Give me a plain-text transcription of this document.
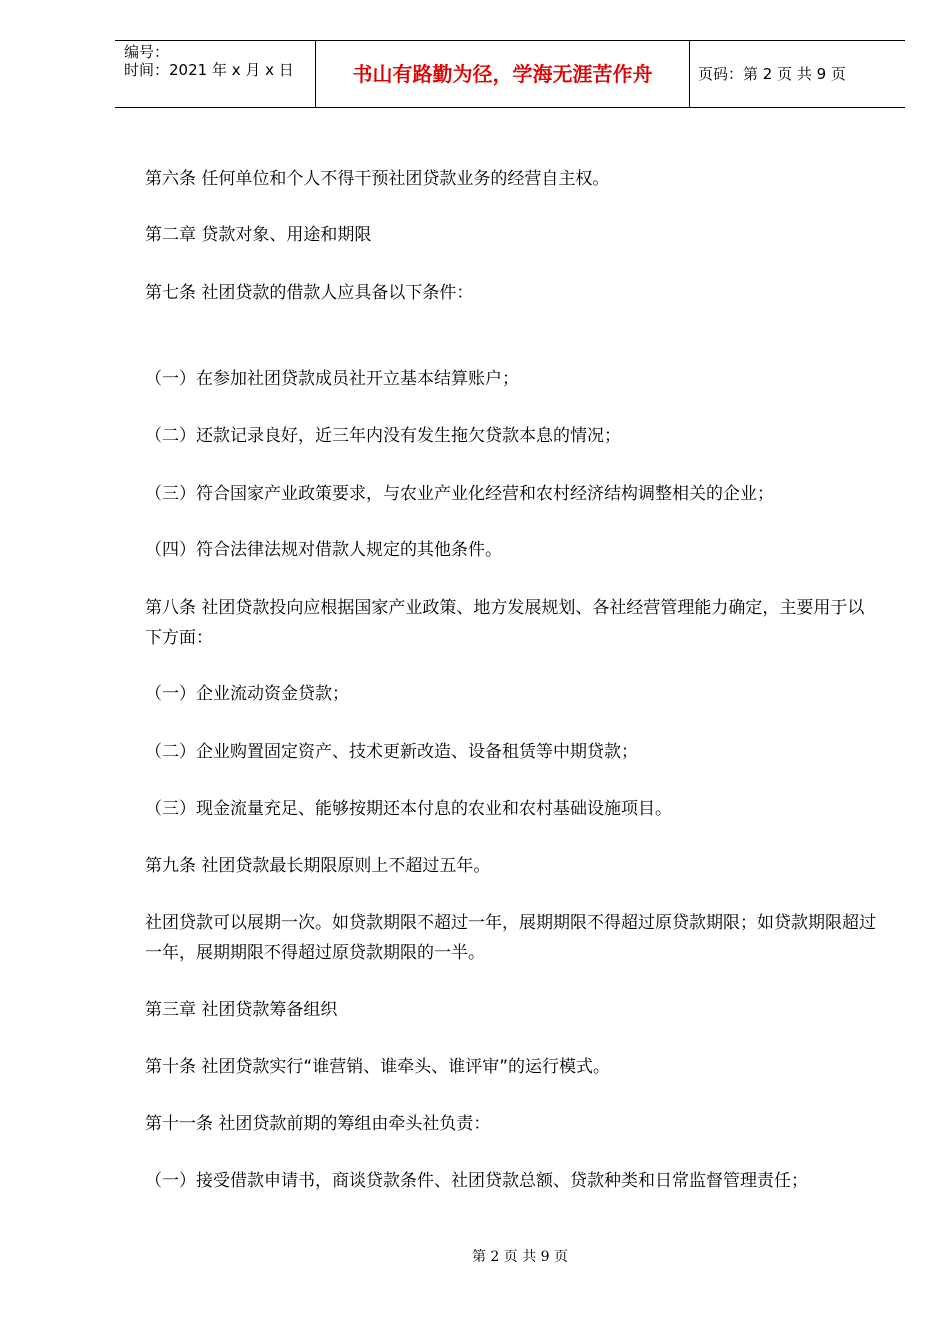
编号：
时间：2021 年 x 月 x 日	书山有路勤为径，学海无涯苦作舟	页码：第 2 页 共 9 页
第六条 任何单位和个人不得干预社团贷款业务的经营自主权。
第二章 贷款对象、用途和期限
第七条 社团贷款的借款人应具备以下条件：
（一）在参加社团贷款成员社开立基本结算账户；
（二）还款记录良好，近三年内没有发生拖欠贷款本息的情况；
（三）符合国家产业政策要求，与农业产业化经营和农村经济结构调整相关的企业；
（四）符合法律法规对借款人规定的其他条件。
第八条 社团贷款投向应根据国家产业政策、地方发展规划、各社经营管理能力确定，主要用于以下方面：
（一）企业流动资金贷款；
（二）企业购置固定资产、技术更新改造、设备租赁等中期贷款；
（三）现金流量充足、能够按期还本付息的农业和农村基础设施项目。
第九条 社团贷款最长期限原则上不超过五年。
社团贷款可以展期一次。如贷款期限不超过一年，展期期限不得超过原贷款期限；如贷款期限超过一年，展期期限不得超过原贷款期限的一半。
第三章 社团贷款筹备组织
第十条 社团贷款实行“谁营销、谁牵头、谁评审”的运行模式。
第十一条 社团贷款前期的筹组由牵头社负责：
（一）接受借款申请书，商谈贷款条件、社团贷款总额、贷款种类和日常监督管理责任；
第 2 页 共 9 页
